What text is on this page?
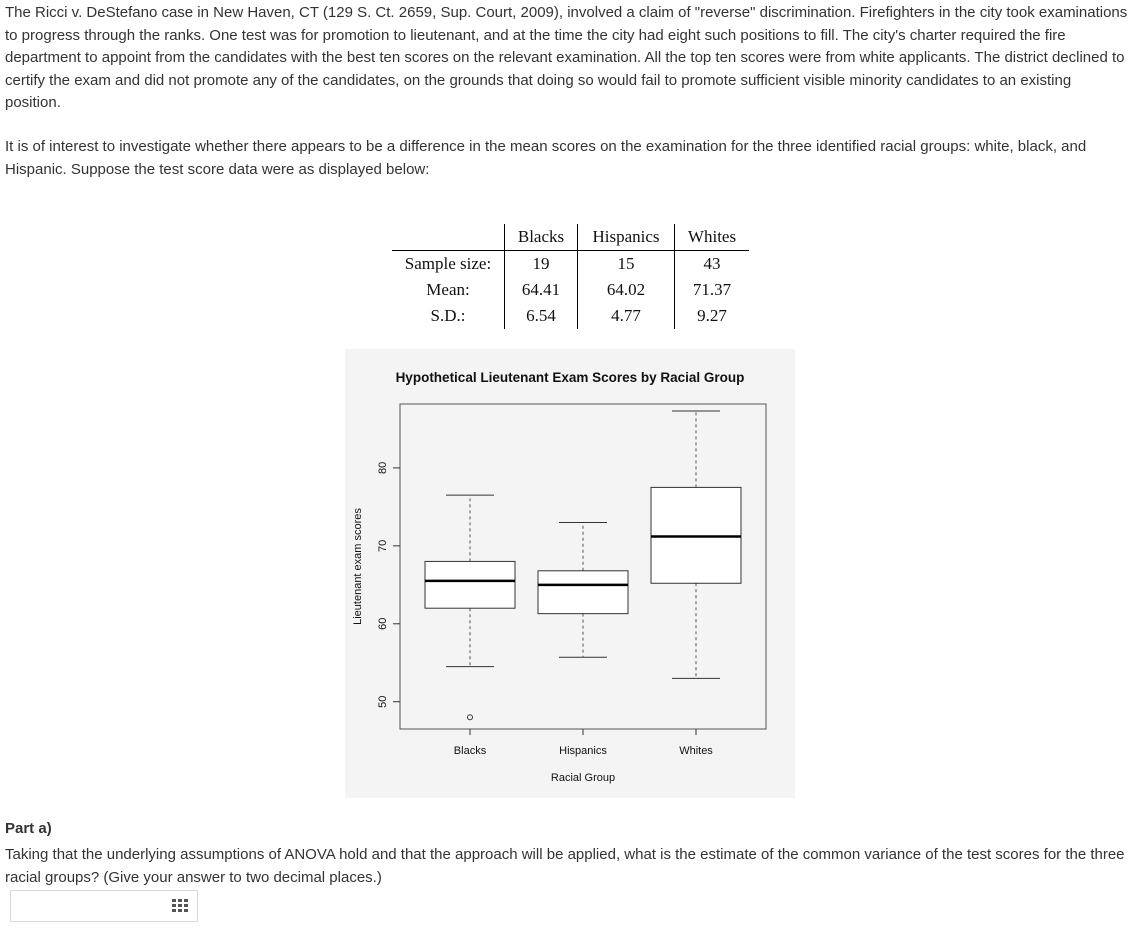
The Ricci v. DeStefano case in New Haven, CT (129 S. Ct. 2659, Sup. Court, 2009), involved a claim of "reverse" discrimination. Firefighters in the city took examinations to progress through the ranks. One test was for promotion to lieutenant, and at the time the city had eight such positions to fill. The city's charter required the fire department to appoint from the candidates with the best ten scores on the relevant examination. All the top ten scores were from white applicants. The district declined to certify the exam and did not promote any of the candidates, on the grounds that doing so would fail to promote sufficient visible minority candidates to an existing position.

It is of interest to investigate whether there appears to be a difference in the mean scores on the examination for the three identified racial groups: white, black, and Hispanic. Suppose the test score data were as displayed below:

	Blacks	Hispanics	Whites
Sample size:	19	15	43
Mean:	64.41	64.02	71.37
S.D.:	6.54	4.77	9.27
Hypothetical Lieutenant Exam Scores by Racial Group
50
60
70
80
Lieutenant exam scores
Blacks	Hispanics	Whites
Racial Group
Part a)

Taking that the underlying assumptions of ANOVA hold and that the approach will be applied, what is the estimate of the common variance of the test scores for the three racial groups? (Give your answer to two decimal places.)
